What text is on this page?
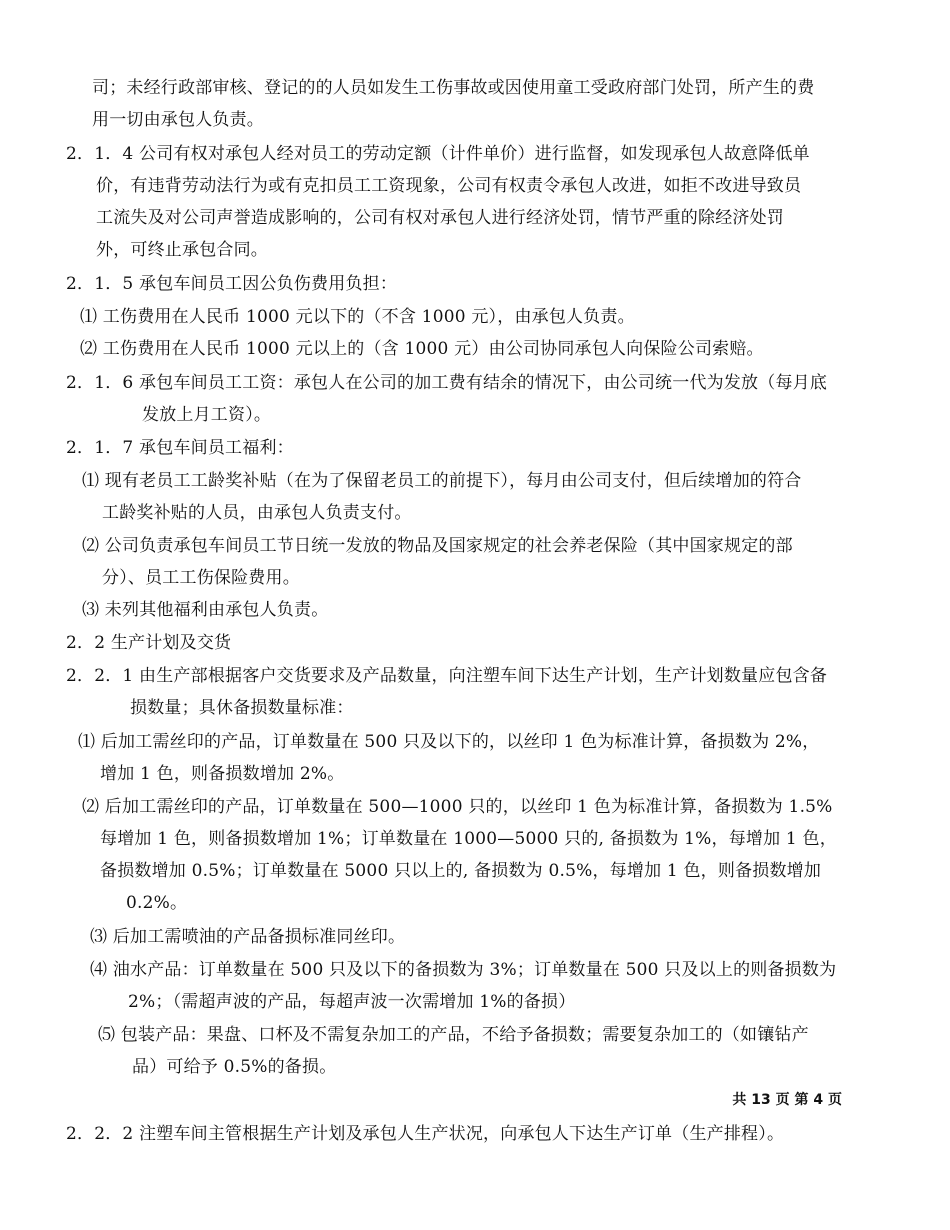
司；未经行政部审核、登记的的人员如发生工伤事故或因使用童工受政府部门处罚，所产生的费
用一切由承包人负责。
2．1．4 公司有权对承包人经对员工的劳动定额（计件单价）进行监督，如发现承包人故意降低单
价，有违背劳动法行为或有克扣员工工资现象，公司有权责令承包人改进，如拒不改进导致员
工流失及对公司声誉造成影响的，公司有权对承包人进行经济处罚，情节严重的除经济处罚
外，可终止承包合同。
2．1．5 承包车间员工因公负伤费用负担：
⑴ 工伤费用在人民币 1000 元以下的（不含 1000 元），由承包人负责。
⑵ 工伤费用在人民币 1000 元以上的（含 1000 元）由公司协同承包人向保险公司索赔。
2．1．6 承包车间员工工资：承包人在公司的加工费有结余的情况下，由公司统一代为发放（每月底
发放上月工资）。
2．1．7 承包车间员工福利：
⑴ 现有老员工工龄奖补贴（在为了保留老员工的前提下），每月由公司支付，但后续增加的符合
工龄奖补贴的人员，由承包人负责支付。
⑵ 公司负责承包车间员工节日统一发放的物品及国家规定的社会养老保险（其中国家规定的部
分）、员工工伤保险费用。
⑶ 未列其他福利由承包人负责。
2．2 生产计划及交货
2．2．1 由生产部根据客户交货要求及产品数量，向注塑车间下达生产计划，生产计划数量应包含备
损数量；具休备损数量标准：
⑴ 后加工需丝印的产品，订单数量在 500 只及以下的，以丝印 1 色为标准计算，备损数为 2%，
增加 1 色，则备损数增加 2%。
⑵ 后加工需丝印的产品，订单数量在 500—1000 只的，以丝印 1 色为标准计算，备损数为 1.5%
每增加 1 色，则备损数增加 1%；订单数量在 1000—5000 只的, 备损数为 1%，每增加 1 色，
备损数增加 0.5%；订单数量在 5000 只以上的, 备损数为 0.5%，每增加 1 色，则备损数增加
0.2%。
⑶ 后加工需喷油的产品备损标准同丝印。
⑷ 油水产品：订单数量在 500 只及以下的备损数为 3%；订单数量在 500 只及以上的则备损数为
2%；（需超声波的产品，每超声波一次需增加 1%的备损）
⑸ 包装产品：果盘、口杯及不需复杂加工的产品，不给予备损数；需要复杂加工的（如镶钻产
品）可给予 0.5%的备损。
共 13 页 第 4 页
2．2．2 注塑车间主管根据生产计划及承包人生产状况，向承包人下达生产订单（生产排程）。
